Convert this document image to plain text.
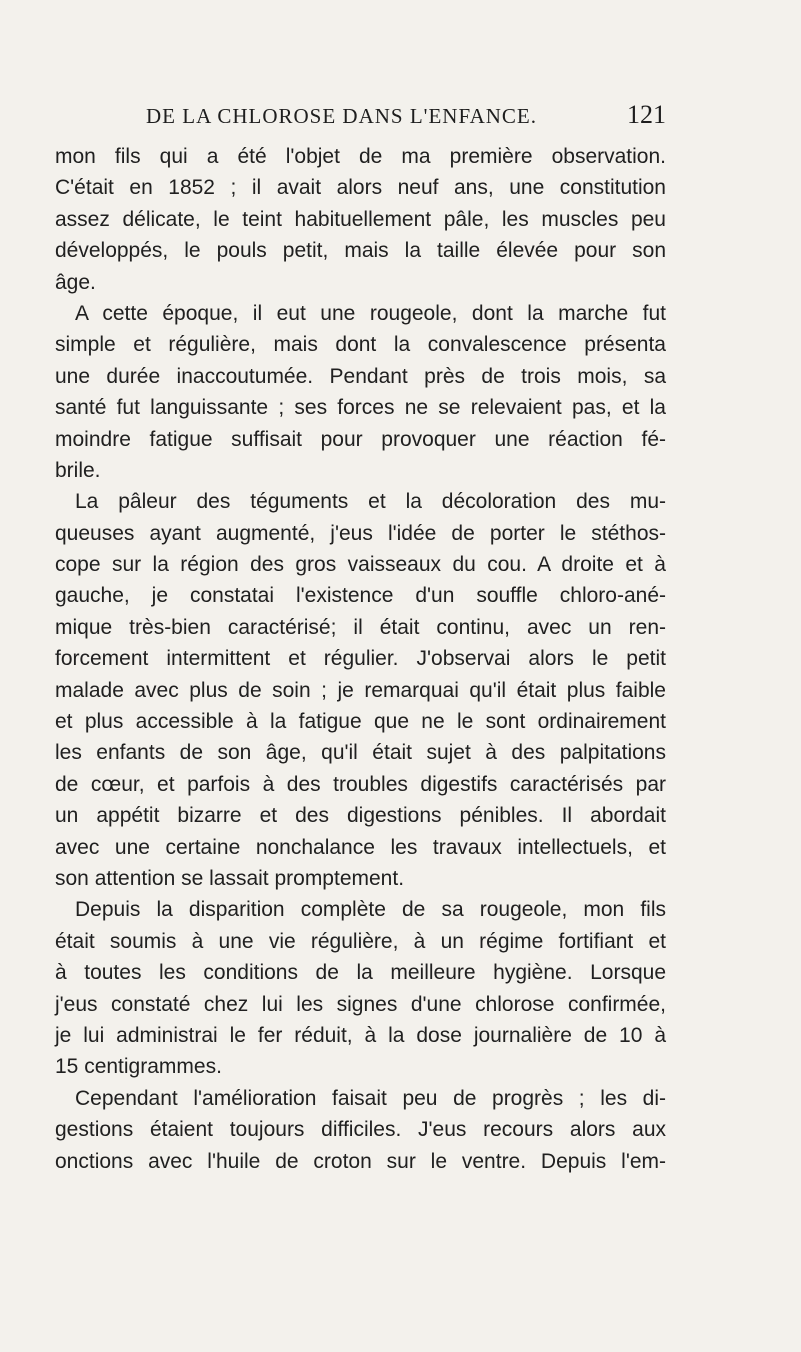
DE LA CHLOROSE DANS L'ENFANCE.	121
mon fils qui a été l'objet de ma première observation.
C'était en 1852 ; il avait alors neuf ans, une constitution
assez délicate, le teint habituellement pâle, les muscles peu
développés, le pouls petit, mais la taille élevée pour son
âge.
A cette époque, il eut une rougeole, dont la marche fut
simple et régulière, mais dont la convalescence présenta
une durée inaccoutumée. Pendant près de trois mois, sa
santé fut languissante ; ses forces ne se relevaient pas, et la
moindre fatigue suffisait pour provoquer une réaction fé-
brile.
La pâleur des téguments et la décoloration des mu-
queuses ayant augmenté, j'eus l'idée de porter le stéthos-
cope sur la région des gros vaisseaux du cou. A droite et à
gauche, je constatai l'existence d'un souffle chloro-ané-
mique très-bien caractérisé; il était continu, avec un ren-
forcement intermittent et régulier. J'observai alors le petit
malade avec plus de soin ; je remarquai qu'il était plus faible
et plus accessible à la fatigue que ne le sont ordinairement
les enfants de son âge, qu'il était sujet à des palpitations
de cœur, et parfois à des troubles digestifs caractérisés par
un appétit bizarre et des digestions pénibles. Il abordait
avec une certaine nonchalance les travaux intellectuels, et
son attention se lassait promptement.
Depuis la disparition complète de sa rougeole, mon fils
était soumis à une vie régulière, à un régime fortifiant et
à toutes les conditions de la meilleure hygiène. Lorsque
j'eus constaté chez lui les signes d'une chlorose confirmée,
je lui administrai le fer réduit, à la dose journalière de 10 à
15 centigrammes.
Cependant l'amélioration faisait peu de progrès ; les di-
gestions étaient toujours difficiles. J'eus recours alors aux
onctions avec l'huile de croton sur le ventre. Depuis l'em-
